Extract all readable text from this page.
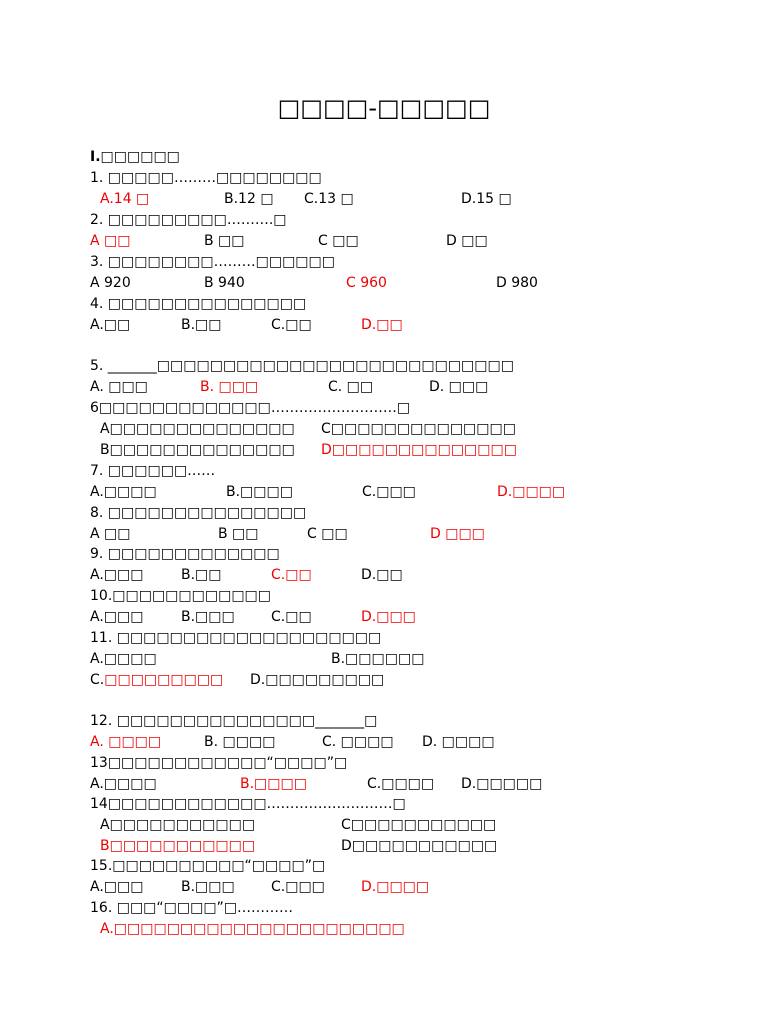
□□□□-□□□□□
I.□□□□□□
1. □□□□□………□□□□□□□□
A.14 □	B.12 □ C.13 □	D.15 □
2. □□□□□□□□□……….□
A □□	B □□	C □□	D □□
3. □□□□□□□□………□□□□□□
A 920	B 940	C 960	D 980
4. □□□□□□□□□□□□□□□
A.□□	B.□□	C.□□	D.□□
5. _______□□□□□□□□□□□□□□□□□□□□□□□□□□□
A. □□□	B. □□□	C. □□	D. □□□
6□□□□□□□□□□□□□………………………□
A□□□□□□□□□□□□□□ C□□□□□□□□□□□□□□
B□□□□□□□□□□□□□□ D□□□□□□□□□□□□□□
7. □□□□□□……
A.□□□□	B.□□□□	C.□□□	D.□□□□
8. □□□□□□□□□□□□□□□
A □□	B □□	C □□	D □□□
9. □□□□□□□□□□□□□
A.□□□	B.□□	C.□□	D.□□
10.□□□□□□□□□□□□
A.□□□	B.□□□	C.□□	D.□□□
11. □□□□□□□□□□□□□□□□□□□□
A.□□□□	B.□□□□□□
C.□□□□□□□□□ D.□□□□□□□□□
12. □□□□□□□□□□□□□□□_______□
A. □□□□	B. □□□□	C. □□□□ D. □□□□
13□□□□□□□□□□□□“□□□□”□
A.□□□□	B.□□□□	C.□□□□ D.□□□□□
14□□□□□□□□□□□□………………………□
A□□□□□□□□□□□	C□□□□□□□□□□□
B□□□□□□□□□□□	D□□□□□□□□□□□
15.□□□□□□□□□□“□□□□”□
A.□□□	B.□□□	C.□□□	D.□□□□
16. □□□“□□□□”□…………
A.□□□□□□□□□□□□□□□□□□□□□□
